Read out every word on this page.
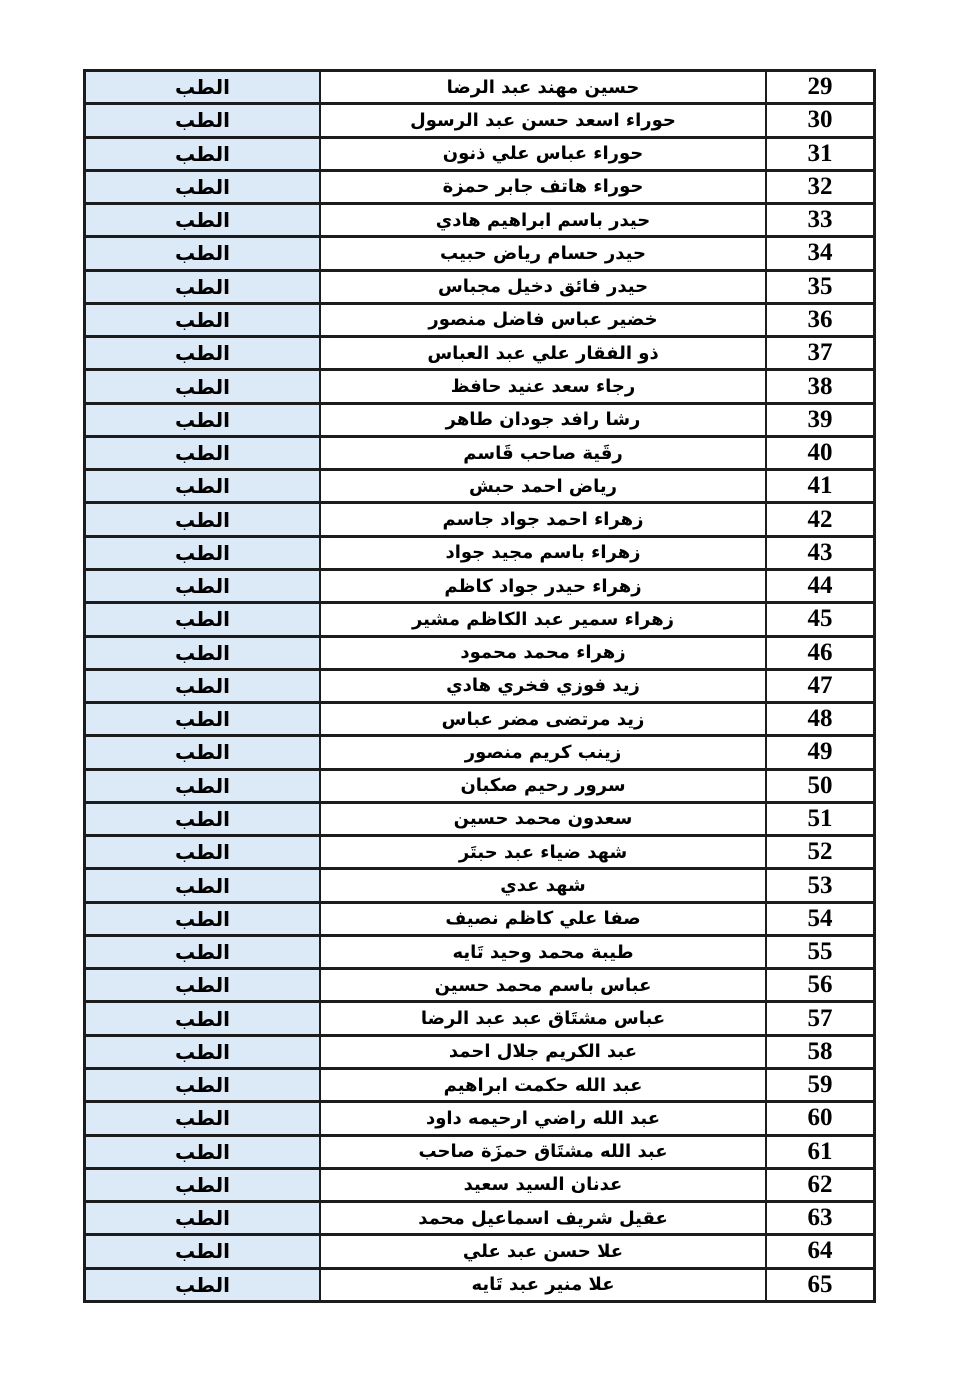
الطب	حسين مهند عبد الرضا	29
الطب	حوراء اسعد حسن عبد الرسول	30
الطب	حوراء عباس علي ذنون	31
الطب	حوراء هاتف جابر حمزة	32
الطب	حيدر باسم ابراهيم هادي	33
الطب	حيدر حسام رياض حبيب	34
الطب	حيدر فائق دخيل مجباس	35
الطب	خضير عباس فاضل منصور	36
الطب	ذو الفقار علي عبد العباس	37
الطب	رجاء سعد عنيد حافظ	38
الطب	رشا رافد جودان طاهر	39
الطب	رقَية صاحب قَاسم	40
الطب	رياض احمد حبش	41
الطب	زهراء احمد جواد جاسم	42
الطب	زهراء باسم مجيد جواد	43
الطب	زهراء حيدر جواد كاظم	44
الطب	زهراء سمير عبد الكاظم مشير	45
الطب	زهراء محمد محمود	46
الطب	زيد فوزي فخري هادي	47
الطب	زيد مرتضى مضر عباس	48
الطب	زينب كريم منصور	49
الطب	سرور رحيم صكبان	50
الطب	سعدون محمد حسين	51
الطب	شهد ضياء عبد حبتَر	52
الطب	شهد عدي	53
الطب	صفا علي كاظم نصيف	54
الطب	طيبة محمد وحيد تَايه	55
الطب	عباس باسم محمد حسين	56
الطب	عباس مشتَاق عبد عبد الرضا	57
الطب	عبد الكريم جلال احمد	58
الطب	عبد الله حكمت ابراهيم	59
الطب	عبد الله راضي ارحيمه داود	60
الطب	عبد الله مشتَاق حمزَة صاحب	61
الطب	عدنان السيد سعيد	62
الطب	عقيل شريف اسماعيل محمد	63
الطب	علا حسن عبد علي	64
الطب	علا منير عبد تَايه	65
